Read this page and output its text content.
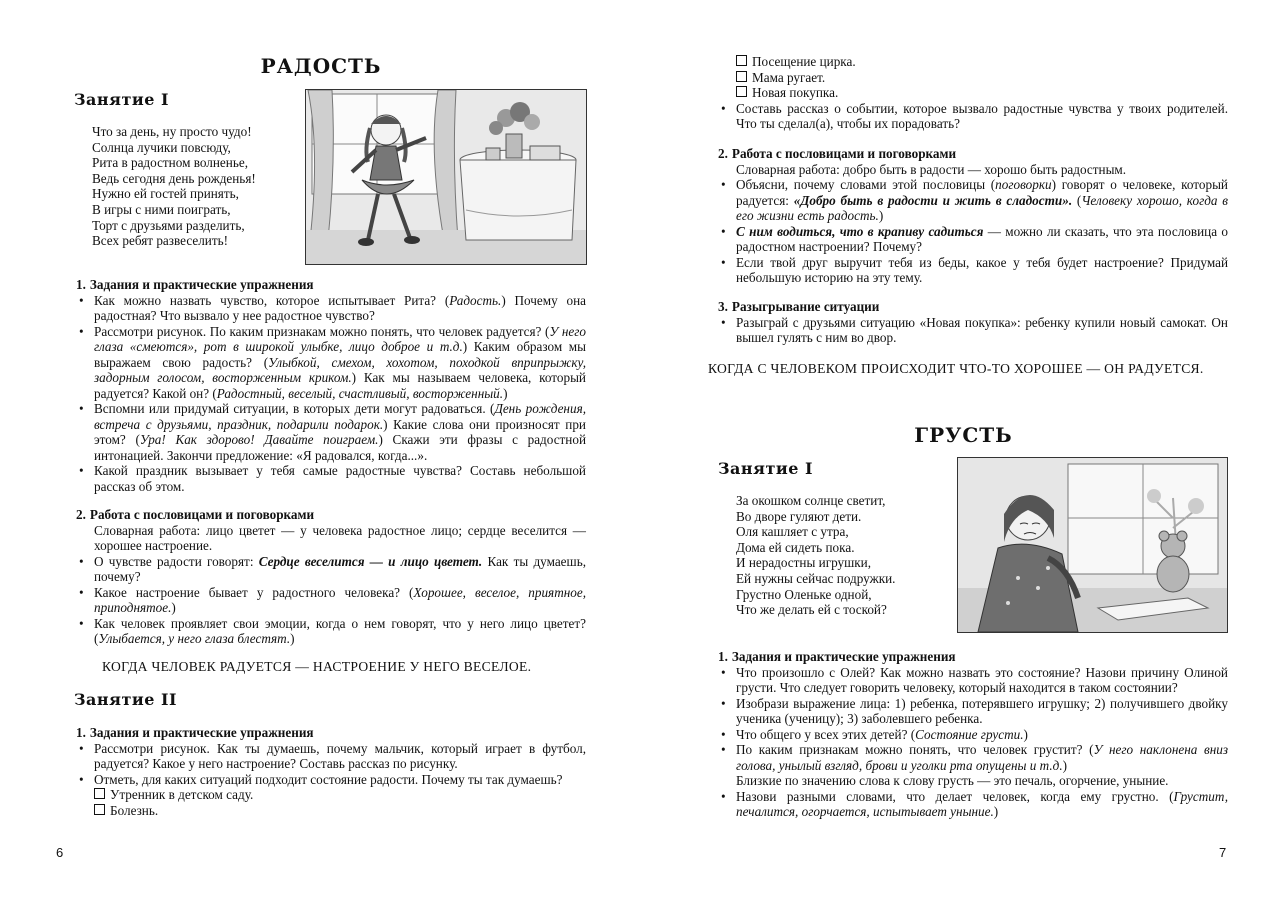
РАДОСТЬ
Занятие I
Что за день, ну просто чудо!
Солнца лучики повсюду,
Рита в радостном волненье,
Ведь сегодня день рожденья!
Нужно ей гостей принять,
В игры с ними поиграть,
Торт с друзьями разделить,
Всех ребят развеселить!
1. Задания и практические упражнения
• Как можно назвать чувство, которое испытывает Рита? (Радость.) Почему она радостная? Что вызвало у нее радостное чувство?
• Рассмотри рисунок. По каким признакам можно понять, что человек радуется? (У него глаза «смеются», рот в широкой улыбке, лицо доброе и т.д.) Каким образом мы выражаем свою радость? (Улыбкой, смехом, хохотом, походкой вприпрыжку, задорным голосом, восторженным криком.) Как мы называем человека, который радуется? Какой он? (Радостный, веселый, счастливый, восторженный.)
• Вспомни или придумай ситуации, в которых дети могут радоваться. (День рождения, встреча с друзьями, праздник, подарили подарок.) Какие слова они произносят при этом? (Ура! Как здорово! Давайте поиграем.) Скажи эти фразы с радостной интонацией. Закончи предложение: «Я радовался, когда...».
• Какой праздник вызывает у тебя самые радостные чувства? Составь небольшой рассказ об этом.
2. Работа с пословицами и поговорками
Словарная работа: лицо цветет — у человека радостное лицо; сердце веселится — хорошее настроение.
• О чувстве радости говорят: Сердце веселится — и лицо цветет. Как ты думаешь, почему?
• Какое настроение бывает у радостного человека? (Хорошее, веселое, приятное, приподнятое.)
• Как человек проявляет свои эмоции, когда о нем говорят, что у него лицо цветет? (Улыбается, у него глаза блестят.)
КОГДА ЧЕЛОВЕК РАДУЕТСЯ — НАСТРОЕНИЕ У НЕГО ВЕСЕЛОЕ.
Занятие II
1. Задания и практические упражнения
• Рассмотри рисунок. Как ты думаешь, почему мальчик, который играет в футбол, радуется? Какое у него настроение? Составь рассказ по рисунку.
• Отметь, для каких ситуаций подходит состояние радости. Почему ты так думаешь?
Утренник в детском саду.
Болезнь.
6
Посещение цирка.
Мама ругает.
Новая покупка.
• Составь рассказ о событии, которое вызвало радостные чувства у твоих родителей. Что ты сделал(а), чтобы их порадовать?
2. Работа с пословицами и поговорками
Словарная работа: добро быть в радости — хорошо быть радостным.
• Объясни, почему словами этой пословицы (поговорки) говорят о человеке, который радуется: «Добро быть в радости и жить в сладости». (Человеку хорошо, когда в его жизни есть радость.)
• С ним водиться, что в крапиву садиться — можно ли сказать, что эта пословица о радостном настроении? Почему?
• Если твой друг выручит тебя из беды, какое у тебя будет настроение? Придумай небольшую историю на эту тему.
3. Разыгрывание ситуации
• Разыграй с друзьями ситуацию «Новая покупка»: ребенку купили новый самокат. Он вышел гулять с ним во двор.
КОГДА С ЧЕЛОВЕКОМ ПРОИСХОДИТ ЧТО-ТО ХОРОШЕЕ — ОН РАДУЕТСЯ.
ГРУСТЬ
Занятие I
За окошком солнце светит,
Во дворе гуляют дети.
Оля кашляет с утра,
Дома ей сидеть пока.
И нерадостны игрушки,
Ей нужны сейчас подружки.
Грустно Оленьке одной,
Что же делать ей с тоской?
1. Задания и практические упражнения
• Что произошло с Олей? Как можно назвать это состояние? Назови причину Олиной грусти. Что следует говорить человеку, который находится в таком состоянии?
• Изобрази выражение лица: 1) ребенка, потерявшего игрушку; 2) получившего двойку ученика (ученицу); 3) заболевшего ребенка.
• Что общего у всех этих детей? (Состояние грусти.)
• По каким признакам можно понять, что человек грустит? (У него наклонена вниз голова, унылый взгляд, брови и уголки рта опущены и т.д.)
Близкие по значению слова к слову грусть — это печаль, огорчение, уныние.
• Назови разными словами, что делает человек, когда ему грустно. (Грустит, печалится, огорчается, испытывает уныние.)
7
